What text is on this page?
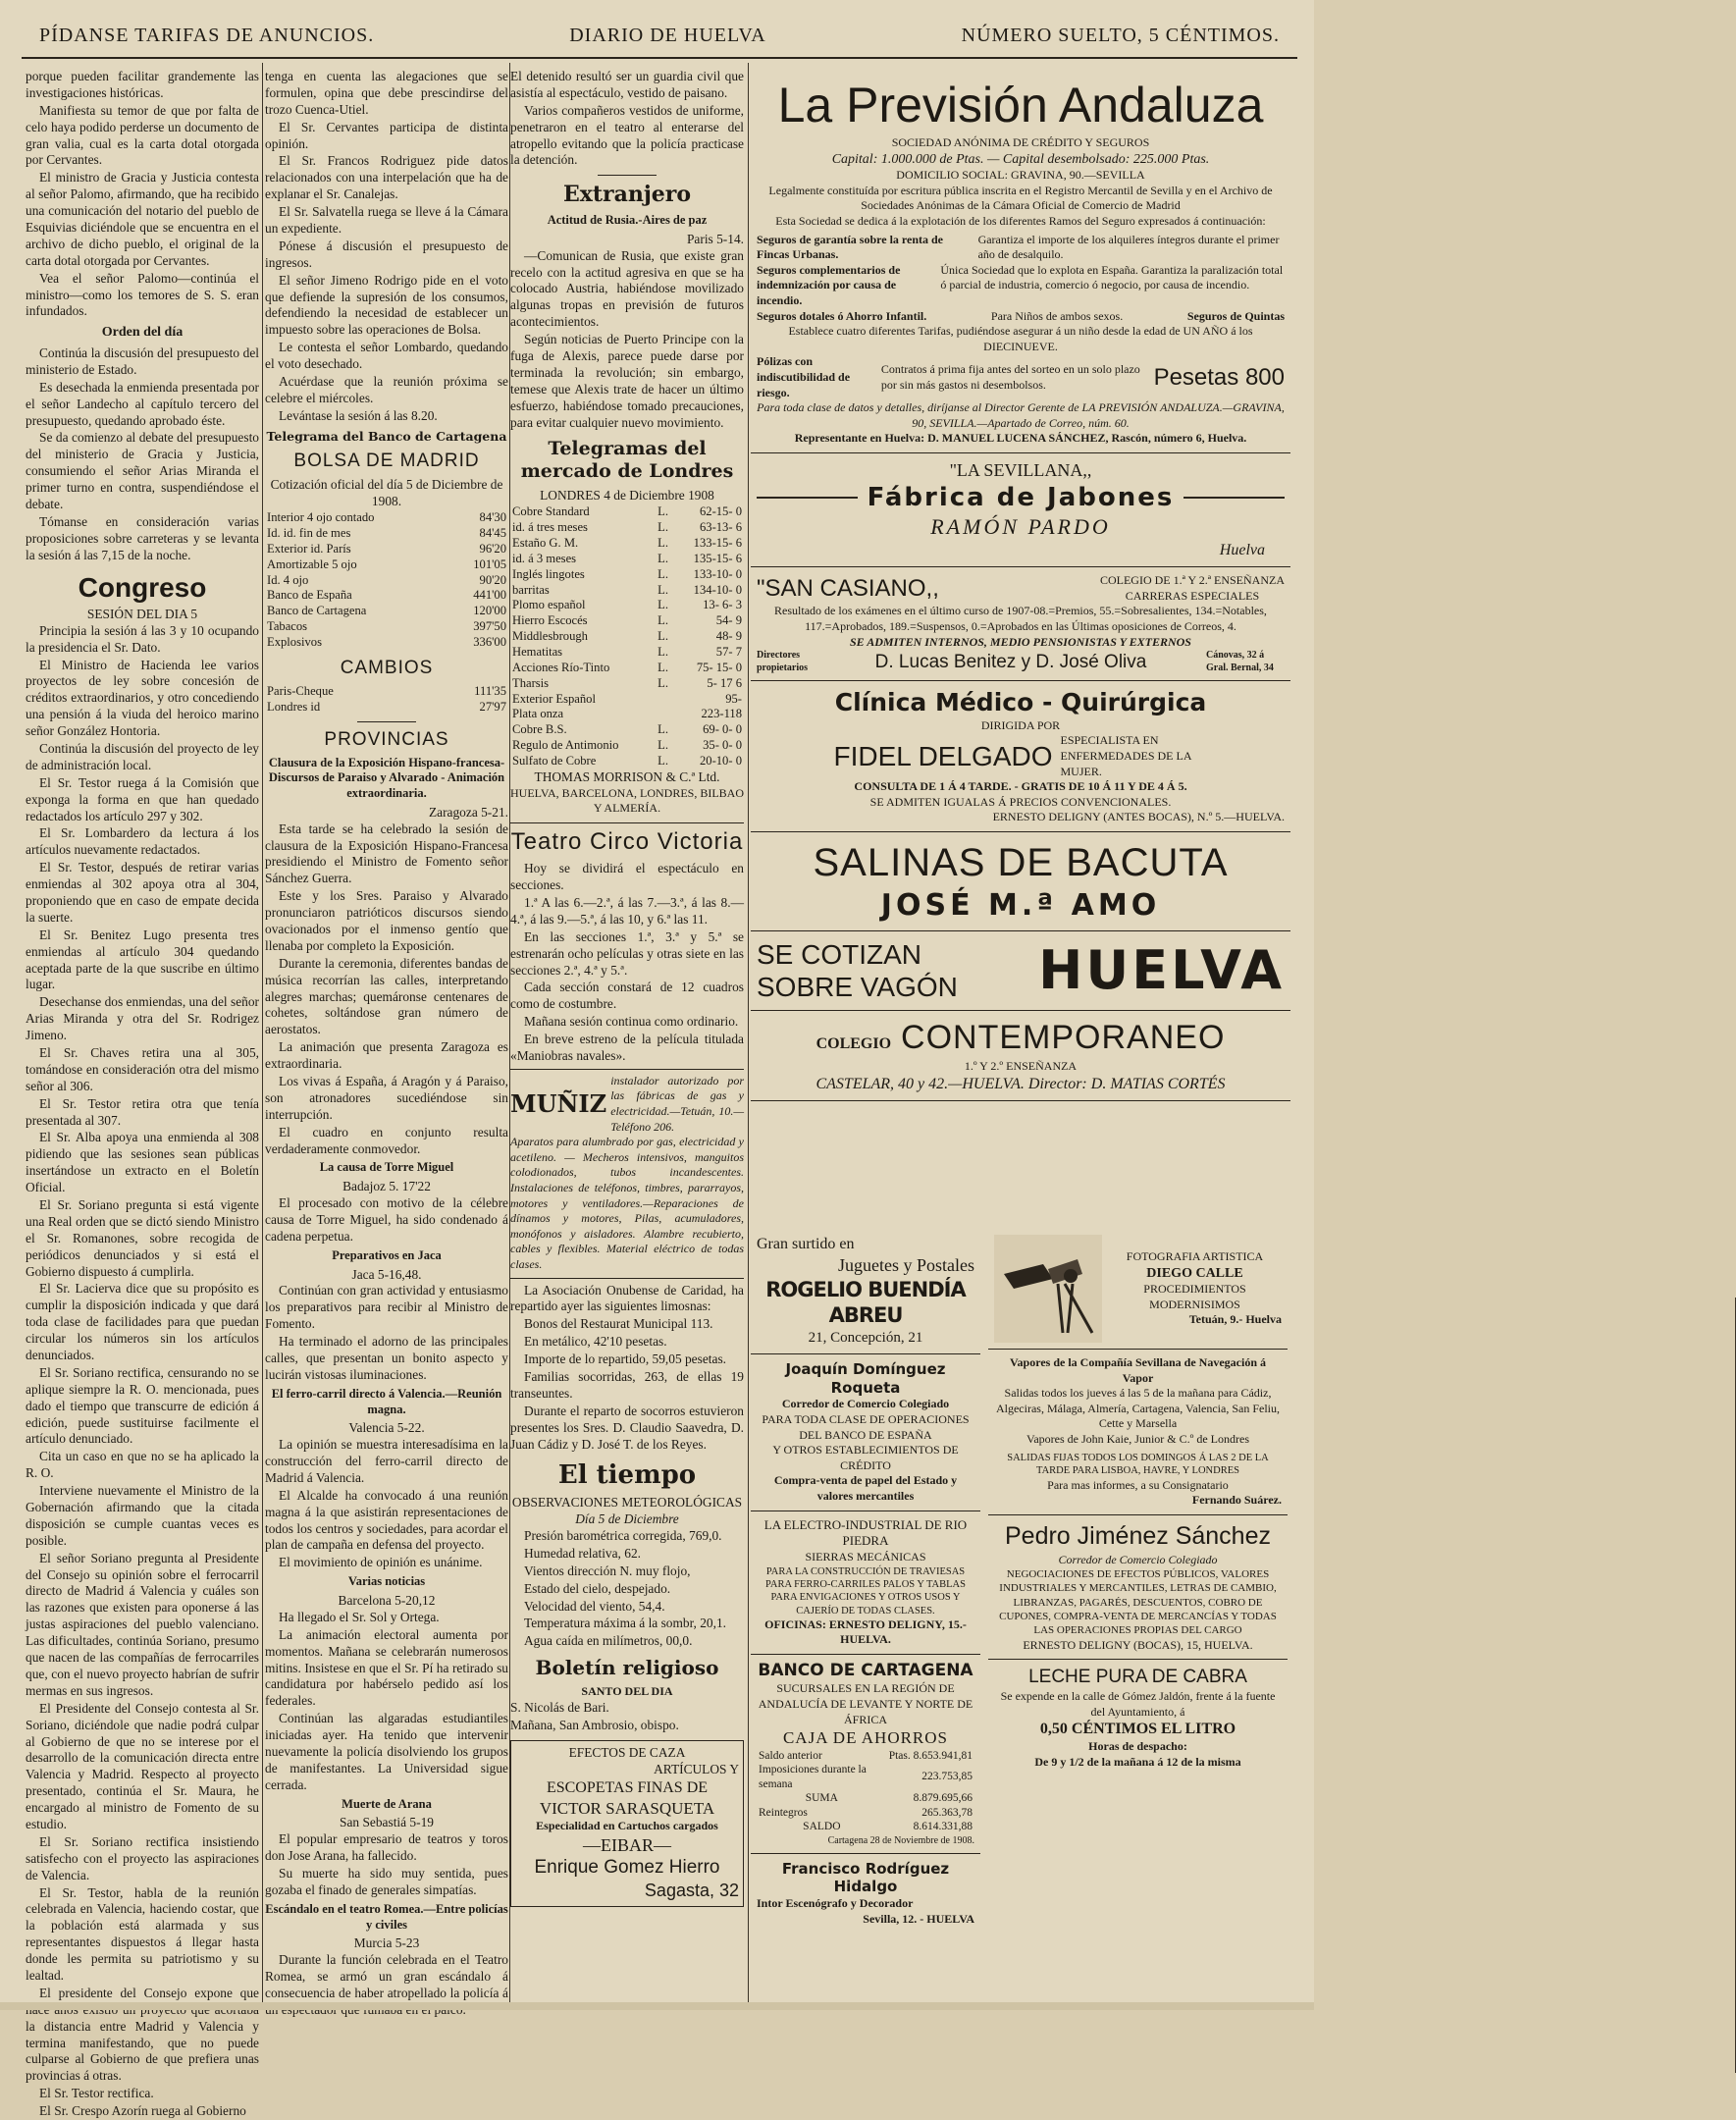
PÍDANSE TARIFAS DE ANUNCIOS.	DIARIO DE HUELVA	NÚMERO SUELTO, 5 CÉNTIMOS.

porque pueden facilitar grandemente las investigaciones históricas.

Manifiesta su temor de que por falta de celo haya podido perderse un documento de gran valia, cual es la carta dotal otorgada por Cervantes.

El ministro de Gracia y Justicia contesta al señor Palomo, afirmando, que ha recibido una comunicación del notario del pueblo de Esquivias diciéndole que se encuentra en el archivo de dicho pueblo, el original de la carta dotal otorgada por Cervantes.

Vea el señor Palomo—continúa el ministro—como los temores de S. S. eran infundados.

Orden del día

Continúa la discusión del presupuesto del ministerio de Estado.

Es desechada la enmienda presentada por el señor Landecho al capítulo tercero del presupuesto, quedando aprobado éste.

Se da comienzo al debate del presupuesto del ministerio de Gracia y Justicia, consumiendo el señor Arias Miranda el primer turno en contra, suspendiéndose el debate.

Tómanse en consideración varias proposiciones sobre carreteras y se levanta la sesión á las 7,15 de la noche.

Congreso
SESIÓN DEL DIA 5

Principia la sesión á las 3 y 10 ocupando la presidencia el Sr. Dato.

El Ministro de Hacienda lee varios proyectos de ley sobre concesión de créditos extraordinarios, y otro concediendo una pensión á la viuda del heroico marino señor González Hontoria.

Continúa la discusión del proyecto de ley de administración local.

El Sr. Testor ruega á la Comisión que exponga la forma en que han quedado redactados los artículo 297 y 302.

El Sr. Lombardero da lectura á los artículos nuevamente redactados.

El Sr. Testor, después de retirar varias enmiendas al 302 apoya otra al 304, proponiendo que en caso de empate decida la suerte.

El Sr. Benitez Lugo presenta tres enmiendas al artículo 304 quedando aceptada parte de la que suscribe en último lugar.

Desechanse dos enmiendas, una del señor Arias Miranda y otra del Sr. Rodrigez Jimeno.

El Sr. Chaves retira una al 305, tomándose en consideración otra del mismo señor al 306.

El Sr. Testor retira otra que tenía presentada al 307.

El Sr. Alba apoya una enmienda al 308 pidiendo que las sesiones sean públicas insertándose un extracto en el Boletín Oficial.

El Sr. Soriano pregunta si está vigente una Real orden que se dictó siendo Ministro el Sr. Romanones, sobre recogida de periódicos denunciados y si está el Gobierno dispuesto á cumplirla.

El Sr. Lacierva dice que su propósito es cumplir la disposición indicada y que dará toda clase de facilidades para que puedan circular los números sin los artículos denunciados.

El Sr. Soriano rectifica, censurando no se aplique siempre la R. O. mencionada, pues dado el tiempo que transcurre de edición á edición, puede sustituirse facilmente el artículo denunciado.

Cita un caso en que no se ha aplicado la R. O.

Interviene nuevamente el Ministro de la Gobernación afirmando que la citada disposición se cumple cuantas veces es posible.

El señor Soriano pregunta al Presidente del Consejo su opinión sobre el ferrocarril directo de Madrid á Valencia y cuáles son las razones que existen para oponerse á las justas aspiraciones del pueblo valenciano. Las dificultades, continúa Soriano, presumo que nacen de las compañías de ferrocarriles que, con el nuevo proyecto habrían de sufrir mermas en sus ingresos.

El Presidente del Consejo contesta al Sr. Soriano, diciéndole que nadie podrá culpar al Gobierno de que no se interese por el desarrollo de la comunicación directa entre Valencia y Madrid. Respecto al proyecto presentado, continúa el Sr. Maura, he encargado al ministro de Fomento de su estudio.

El Sr. Soriano rectifica insistiendo satisfecho con el proyecto las aspiraciones de Valencia.

El Sr. Testor, habla de la reunión celebrada en Valencia, haciendo costar, que la población está alarmada y sus representantes dispuestos á llegar hasta donde les permita su patriotismo y su lealtad.

El presidente del Consejo expone que la distancia entre Madrid y Valencia y termina manifestando, que no puede culparse al Gobierno de que prefiera unas provincias á otras.

El Sr. Testor rectifica.

El Sr. Crespo Azorín ruega al Gobierno

tenga en cuenta las alegaciones que se formulen, opina que debe prescindirse del trozo Cuenca-Utiel.

El Sr. Cervantes participa de distinta opinión.

El Sr. Francos Rodriguez pide datos relacionados con una interpelación que ha de explanar el Sr. Canalejas.

El Sr. Salvatella ruega se lleve á la Cámara un expediente.

Pónese á discusión el presupuesto de ingresos.

El señor Jimeno Rodrigo pide en el voto que defiende la supresión de los consumos, defendiendo la necesidad de establecer un impuesto sobre las operaciones de Bolsa.

Le contesta el señor Lombardo, quedando el voto desechado.

Acuérdase que la reunión próxima se celebre el miércoles.

Levántase la sesión á las 8.20.

Telegrama del Banco de Cartagena
BOLSA DE MADRID
Cotización oficial del día 5 de Diciembre de 1908.
Interior 4 ojo contado	84'30
Id. id. fin de mes	84'45
Exterior id. París	96'20
Amortizable 5 ojo	101'05
Id. 4 ojo	90'20
Banco de España	441'00
Banco de Cartagena	120'00
Tabacos	397'50
Explosivos	336'00
CAMBIOS
Paris-Cheque	111'35
Londres id	27'97
PROVINCIAS
Clausura de la Exposición Hispano-francesa-Discursos de Paraiso y Alvarado - Animación extraordinaria.
Zaragoza 5-21.

Esta tarde se ha celebrado la sesión de clausura de la Exposición Hispano-Francesa presidiendo el Ministro de Fomento señor Sánchez Guerra.

Este y los Sres. Paraiso y Alvarado pronunciaron patrióticos discursos siendo ovacionados por el inmenso gentío que llenaba por completo la Exposición.

Durante la ceremonia, diferentes bandas de música recorrían las calles, interpretando alegres marchas; quemáronse centenares de cohetes, soltándose gran número de aerostatos.

La animación que presenta Zaragoza es extraordinaria.

Los vivas á España, á Aragón y á Paraiso, son atronadores sucediéndose sin interrupción.

El cuadro en conjunto resulta verdaderamente conmovedor.

La causa de Torre Miguel
Badajoz 5. 17'22

El procesado con motivo de la célebre causa de Torre Miguel, ha sido condenado á cadena perpetua.

Preparativos en Jaca
Jaca 5-16,48.

Continúan con gran actividad y entusiasmo los preparativos para recibir al Ministro de Fomento.

Ha terminado el adorno de las principales calles, que presentan un bonito aspecto y lucirán vistosas iluminaciones.

El ferro-carril directo á Valencia.—Reunión magna.
Valencia 5-22.

La opinión se muestra interesadísima en la construcción del ferro-carril directo de Madrid á Valencia.

El Alcalde ha convocado á una reunión magna á la que asistirán representaciones de todos los centros y sociedades, para acordar el plan de campaña en defensa del proyecto.

El movimiento de opinión es unánime.

Varias noticias
Barcelona 5-20,12

Ha llegado el Sr. Sol y Ortega.

La animación electoral aumenta por momentos. Mañana se celebrarán numerosos mitins. Insistese en que el Sr. Pí ha retirado su candidatura por habérselo pedido así los federales.

Continúan las algaradas estudiantiles iniciadas ayer. Ha tenido que intervenir nuevamente la policía disolviendo los grupos de manifestantes. La Universidad sigue cerrada.

Muerte de Arana
San Sebastiá 5-19

El popular empresario de teatros y toros don Jose Arana, ha fallecido.

Su muerte ha sido muy sentida, pues gozaba el finado de generales simpatías.

Escándalo en el teatro Romea.—Entre policías y civiles
Murcia 5-23

Durante la función celebrada en el Teatro Romea, se armó un gran escándalo á consecuencia de haber atropellado la policía á

El detenido resultó ser un guardia civil que asistía al espectáculo, vestido de paisano.

Varios compañeros vestidos de uniforme, penetraron en el teatro al enterarse del atropello evitando que la policía practicase la detención.

Extranjero
Actitud de Rusia.-Aires de paz
Paris 5-14.

—Comunican de Rusia, que existe gran recelo con la actitud agresiva en que se ha colocado Austria, habiéndose movilizado algunas tropas en previsión de futuros acontecimientos.

Según noticias de Puerto Principe con la fuga de Alexis, parece puede darse por terminada la revolución; sin embargo, temese que Alexis trate de hacer un último esfuerzo, habiéndose tomado precauciones, para evitar cualquier nuevo movimiento.

Telegramas del mercado de Londres
LONDRES 4 de Diciembre 1908
Cobre Standard	L.	62-15- 0
id. á tres meses	L.	63-13- 6
Estaño G. M.	L.	133-15- 6
id. á 3 meses	L.	135-15- 6
Inglés lingotes	L.	133-10- 0
barritas	L.	134-10- 0
Plomo español	L.	13- 6- 3
Hierro Escocés	L.	54- 9
Middlesbrough	L.	48- 9
Hematitas	L.	57- 7
Acciones Río-Tinto	L.	75- 15- 0
Tharsis	L.	5- 17 6
Exterior Español		95-
Plata onza		223-118
Cobre B.S.	L.	69- 0- 0
Regulo de Antimonio	L.	35- 0- 0
Sulfato de Cobre	L.	20-10- 0
THOMAS MORRISON & C.ª Ltd.
HUELVA, BARCELONA, LONDRES, BILBAO Y ALMERÍA.
Teatro Circo Victoria

Hoy se dividirá el espectáculo en secciones.

1.ª A las 6.—2.ª, á las 7.—3.ª, á las 8.—4.ª, á las 9.—5.ª, á las 10, y 6.ª las 11.

En las secciones 1.ª, 3.ª y 5.ª se estrenarán ocho películas y otras siete en las secciones 2.ª, 4.ª y 5.ª.

Cada sección constará de 12 cuadros como de costumbre.

Mañana sesión continua como ordinario.

En breve estreno de la película titulada «Maniobras navales».

MUÑIZ
instalador autorizado por las fábricas de gas y electricidad.—Tetuán, 10.—Teléfono 206.

Aparatos para alumbrado por gas, electricidad y acetileno. — Mecheros intensivos, manguitos colodionados, tubos incandescentes. Instalaciones de teléfonos, timbres, pararrayos, motores y ventiladores.—Reparaciones de dínamos y motores, Pilas, acumuladores, monófonos y aisladores. Alambre recubierto, cables y flexibles. Material eléctrico de todas clases.

La Asociación Onubense de Caridad, ha repartido ayer las siguientes limosnas:

Bonos del Restaurat Municipal 113.

En metálico, 42'10 pesetas.

Importe de lo repartido, 59,05 pesetas.

Familias socorridas, 263, de ellas 19 transeuntes.

Durante el reparto de socorros estuvieron presentes los Sres. D. Claudio Saavedra, D. Juan Cádiz y D. José T. de los Reyes.

El tiempo
OBSERVACIONES METEOROLÓGICAS
Día 5 de Diciembre

Presión barométrica corregida, 769,0.

Humedad relativa, 62.

Vientos dirección N. muy flojo,

Estado del cielo, despejado.

Velocidad del viento, 54,4.

Temperatura máxima á la sombr, 20,1.

Agua caída en milímetros, 00,0.

Boletín religioso
SANTO DEL DIA

S. Nicolás de Bari.

Mañana, San Ambrosio, obispo.

EFECTOS DE CAZA
ARTÍCULOS Y
ESCOPETAS FINAS DE
VICTOR SARASQUETA
Especialidad en Cartuchos cargados
—EIBAR—
Enrique Gomez Hierro
Sagasta, 32
La Previsión Andaluza
SOCIEDAD ANÓNIMA DE CRÉDITO Y SEGUROS
Capital: 1.000.000 de Ptas. — Capital desembolsado: 225.000 Ptas.
DOMICILIO SOCIAL: GRAVINA, 90.—SEVILLA
Legalmente constituída por escritura pública inscrita en el Registro Mercantil de Sevilla y en el Archivo de Sociedades Anónimas de la Cámara Oficial de Comercio de Madrid
Esta Sociedad se dedica á la explotación de los diferentes Ramos del Seguro expresados á continuación:
Seguros de garantía sobre la renta de Fincas Urbanas.
Garantiza el importe de los alquileres íntegros durante el primer año de desalquilo.
Seguros complementarios de indemnización por causa de incendio.
Única Sociedad que lo explota en España. Garantiza la paralización total ó parcial de industria, comercio ó negocio, por causa de incendio.
Seguros dotales ó Ahorro Infantil.	Para Niños de ambos sexos.	Seguros de Quintas
Establece cuatro diferentes Tarifas, pudiéndose asegurar á un niño desde la edad de UN AÑO á los DIECINUEVE.
Pólizas con indiscutibilidad de riesgo.
Contratos á prima fija antes del sorteo en un solo plazo por sin más gastos ni desembolsos.	Pesetas 800
Para toda clase de datos y detalles, diríjanse al Director Gerente de LA PREVISIÓN ANDALUZA.—GRAVINA, 90, SEVILLA.—Apartado de Correo, núm. 60.
Representante en Huelva: D. MANUEL LUCENA SÁNCHEZ, Rascón, número 6, Huelva.
"LA SEVILLANA,,
Fábrica de Jabones
RAMÓN PARDO
Huelva
"SAN CASIANO,,	COLEGIO DE 1.ª Y 2.ª ENSEÑANZA
CARRERAS ESPECIALES
Resultado de los exámenes en el último curso de 1907-08.=Premios, 55.=Sobresalientes, 134.=Notables, 117.=Aprobados, 189.=Suspensos, 0.=Aprobados en las Últimas oposiciones de Correos, 4.
SE ADMITEN INTERNOS, MEDIO PENSIONISTAS Y EXTERNOS
Directores propietarios	D. Lucas Benitez y D. José Oliva	Cánovas, 32 á Gral. Bernal, 34
Clínica Médico - Quirúrgica
DIRIGIDA POR
FIDEL DELGADO
ESPECIALISTA EN ENFERMEDADES DE LA MUJER.
CONSULTA DE 1 Á 4 TARDE. - GRATIS DE 10 Á 11 Y DE 4 Á 5.
SE ADMITEN IGUALAS Á PRECIOS CONVENCIONALES.
ERNESTO DELIGNY (ANTES BOCAS), N.º 5.—HUELVA.
SALINAS DE BACUTA
JOSÉ M.ª AMO
SE COTIZAN
SOBRE VAGÓN HUELVA
COLEGIO CONTEMPORANEO
1.º Y 2.º ENSEÑANZA
CASTELAR, 40 y 42.—HUELVA. Director: D. MATIAS CORTÉS
Gran surtido en
Juguetes y Postales
ROGELIO BUENDÍA ABREU
21, Concepción, 21
Joaquín Domínguez Roqueta
Corredor de Comercio Colegiado
PARA TODA CLASE DE OPERACIONES DEL BANCO DE ESPAÑA
Y OTROS ESTABLECIMIENTOS DE CRÉDITO
Compra-venta de papel del Estado y valores mercantiles
LA ELECTRO-INDUSTRIAL DE RIO PIEDRA
SIERRAS MECÁNICAS
PARA LA CONSTRUCCIÓN DE TRAVIESAS PARA FERRO-CARRILES PALOS Y TABLAS PARA ENVIGACIONES Y OTROS USOS Y CAJERÍO DE TODAS CLASES.
OFICINAS: ERNESTO DELIGNY, 15.-HUELVA.
BANCO DE CARTAGENA
SUCURSALES EN LA REGIÓN DE ANDALUCÍA DE LEVANTE Y NORTE DE ÁFRICA
CAJA DE AHORROS
Saldo anterior	Ptas. 8.653.941,81
Imposiciones durante la semana	223.753,85
SUMA	8.879.695,66
Reintegros	265.363,78
SALDO	8.614.331,88
Cartagena 28 de Noviembre de 1908.
Francisco Rodríguez Hidalgo
Intor Escenógrafo y Decorador
Sevilla, 12. - HUELVA
FOTOGRAFIA ARTISTICA
DIEGO CALLE
PROCEDIMIENTOS
MODERNISIMOS
Tetuán, 9.- Huelva
Vapores de la Compañía Sevillana de Navegación á Vapor
Salidas todos los jueves á las 5 de la mañana para Cádiz, Algeciras, Málaga, Almería, Cartagena, Valencia, San Feliu, Cette y Marsella
Vapores de John Kaie, Junior & C.º de Londres
SALIDAS FIJAS TODOS LOS DOMINGOS Á LAS 2 DE LA TARDE PARA LISBOA, HAVRE, Y LONDRES
Para mas informes, a su Consignatario
Fernando Suárez.
Pedro Jiménez Sánchez
Corredor de Comercio Colegiado
NEGOCIACIONES DE EFECTOS PÚBLICOS, VALORES INDUSTRIALES Y MERCANTILES, LETRAS DE CAMBIO, LIBRANZAS, PAGARÉS, DESCUENTOS, COBRO DE CUPONES, COMPRA-VENTA DE MERCANCÍAS Y TODAS LAS OPERACIONES PROPIAS DEL CARGO
ERNESTO DELIGNY (BOCAS), 15, HUELVA.
LECHE PURA DE CABRA
Se expende en la calle de Gómez Jaldón, frente á la fuente del Ayuntamiento, á
0,50 CÉNTIMOS EL LITRO
Horas de despacho:
De 9 y 1/2 de la mañana á 12 de la misma
